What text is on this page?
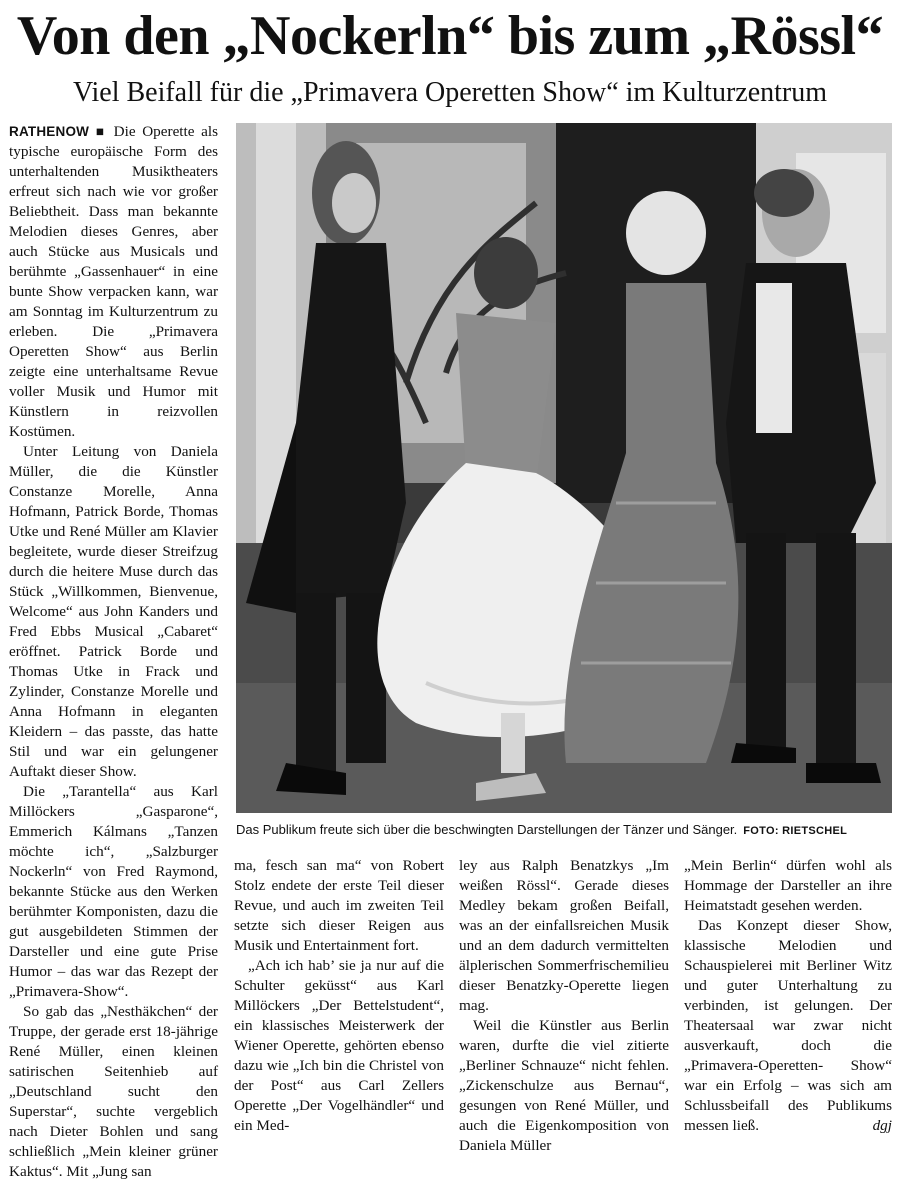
Von den „Nockerln“ bis zum „Rössl“
Viel Beifall für die „Primavera Operetten Show“ im Kulturzentrum

RATHENOW ■ Die Operette als typische europäische Form des unterhaltenden Musiktheaters erfreut sich nach wie vor großer Beliebtheit. Dass man bekannte Melodien dieses Genres, aber auch Stücke aus Musicals und berühmte „Gassenhauer“ in eine bunte Show verpacken kann, war am Sonntag im Kulturzentrum zu erleben. Die „Primavera Operetten Show“ aus Berlin zeigte eine unterhaltsame Revue voller Musik und Humor mit Künstlern in reizvollen Kostümen.

Unter Leitung von Daniela Müller, die die Künstler Constanze Morelle, Anna Hofmann, Patrick Borde, Thomas Utke und René Müller am Klavier begleitete, wurde dieser Streifzug durch die heitere Muse durch das Stück „Willkommen, Bienvenue, Welcome“ aus John Kanders und Fred Ebbs Musical „Cabaret“ eröffnet. Patrick Borde und Thomas Utke in Frack und Zylinder, Constanze Morelle und Anna Hofmann in eleganten Kleidern – das passte, das hatte Stil und war ein gelungener Auftakt dieser Show.

Die „Tarantella“ aus Karl Millöckers „Gasparone“, Emmerich Kálmans „Tanzen möchte ich“, „Salzburger Nockerln“ von Fred Raymond, bekannte Stücke aus den Werken berühmter Komponisten, dazu die gut ausgebildeten Stimmen der Darsteller und eine gute Prise Humor – das war das Rezept der „Primavera-Show“.

So gab das „Nesthäkchen“ der Truppe, der gerade erst 18-jährige René Müller, einen kleinen satirischen Seitenhieb auf „Deutschland sucht den Superstar“, suchte vergeblich nach Dieter Bohlen und sang schließlich „Mein kleiner grüner Kaktus“. Mit „Jung san

Das Publikum freute sich über die beschwingten Darstellungen der Tänzer und Sänger. FOTO: RIETSCHEL

ma, fesch san ma“ von Robert Stolz endete der erste Teil dieser Revue, und auch im zweiten Teil setzte sich dieser Reigen aus Musik und Entertainment fort.

„Ach ich hab’ sie ja nur auf die Schulter geküsst“ aus Karl Millöckers „Der Bettelstudent“, ein klassisches Meisterwerk der Wiener Operette, gehörten ebenso dazu wie „Ich bin die Christel von der Post“ aus Carl Zellers Operette „Der Vogelhändler“ und ein Med-

ley aus Ralph Benatzkys „Im weißen Rössl“. Gerade dieses Medley bekam großen Beifall, was an der einfallsreichen Musik und an dem dadurch vermittelten älplerischen Sommerfrischemilieu dieser Benatzky-Operette liegen mag.

Weil die Künstler aus Berlin waren, durfte die viel zitierte „Berliner Schnauze“ nicht fehlen. „Zickenschulze aus Bernau“, gesungen von René Müller, und auch die Eigenkomposition von Daniela Müller

„Mein Berlin“ dürfen wohl als Hommage der Darsteller an ihre Heimatstadt gesehen werden.

Das Konzept dieser Show, klassische Melodien und Schauspielerei mit Berliner Witz und guter Unterhaltung zu verbinden, ist gelungen. Der Theatersaal war zwar nicht ausverkauft, doch die „Primavera-Operetten- Show“ war ein Erfolg – was sich am Schlussbeifall des Publikums messen ließ.	dgj
